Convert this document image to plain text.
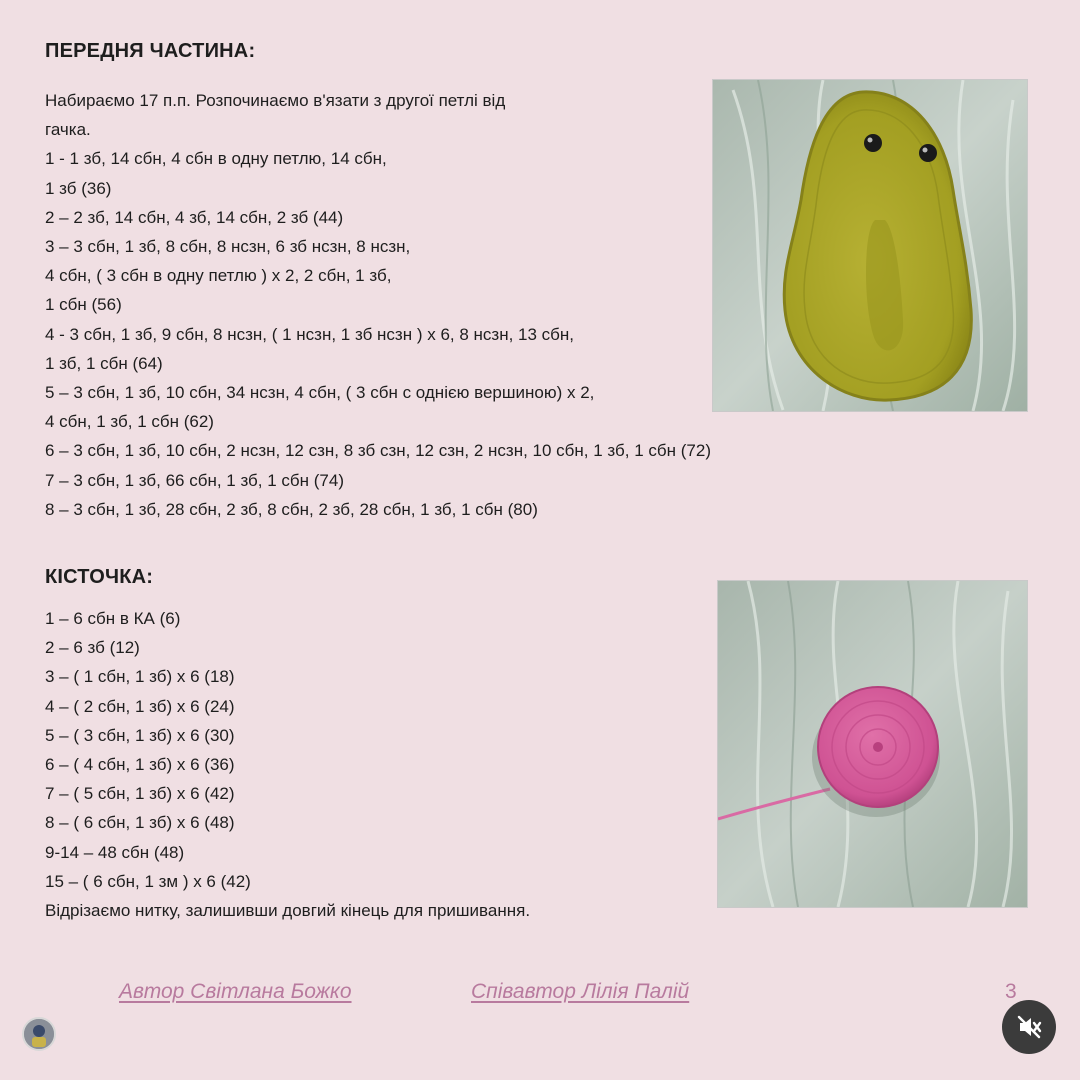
ПЕРЕДНЯ ЧАСТИНА:
Набираємо 17 п.п. Розпочинаємо в'язати з другої петлі від
гачка.
1 - 1 зб, 14 сбн, 4 сбн в одну петлю, 14 сбн,
1 зб (36)
2 – 2 зб, 14 сбн, 4 зб, 14 сбн, 2 зб (44)
3 – 3 сбн, 1 зб, 8 сбн, 8 нсзн, 6 зб нсзн, 8 нсзн,
4 сбн, ( 3 сбн в одну петлю ) х 2, 2 сбн, 1 зб,
1 сбн (56)
4 - 3 сбн, 1 зб, 9 сбн, 8 нсзн, ( 1 нсзн, 1 зб нсзн ) х 6, 8 нсзн, 13 сбн,
1 зб, 1 сбн (64)
5 – 3 сбн, 1 зб, 10 сбн, 34 нсзн, 4 сбн, ( 3 сбн с однією вершиною) х 2,
4 сбн, 1 зб, 1 сбн (62)
6 – 3 сбн, 1 зб, 10 сбн, 2 нсзн, 12 сзн, 8 зб сзн, 12 сзн, 2 нсзн, 10 сбн, 1 зб, 1 сбн (72)
7 – 3 сбн, 1 зб, 66 сбн, 1 зб, 1 сбн (74)
8 – 3 сбн, 1 зб, 28 сбн, 2 зб, 8 сбн, 2 зб, 28 сбн, 1 зб, 1 сбн (80)
КІСТОЧКА:
1 – 6 сбн в КА (6)
2 – 6 зб (12)
3 – ( 1 сбн, 1 зб) х 6 (18)
4 – ( 2 сбн, 1 зб) х 6 (24)
5 – ( 3 сбн, 1 зб) х 6 (30)
6 – ( 4 сбн, 1 зб) х 6 (36)
7 – ( 5 сбн, 1 зб) х 6 (42)
8 – ( 6 сбн, 1 зб) х 6 (48)
9-14 – 48 сбн (48)
15 – ( 6 сбн, 1 зм ) х 6 (42)
Відрізаємо нитку, залишивши довгий кінець для пришивання.
Автор Світлана Божко	Співавтор Лілія Палій	3
